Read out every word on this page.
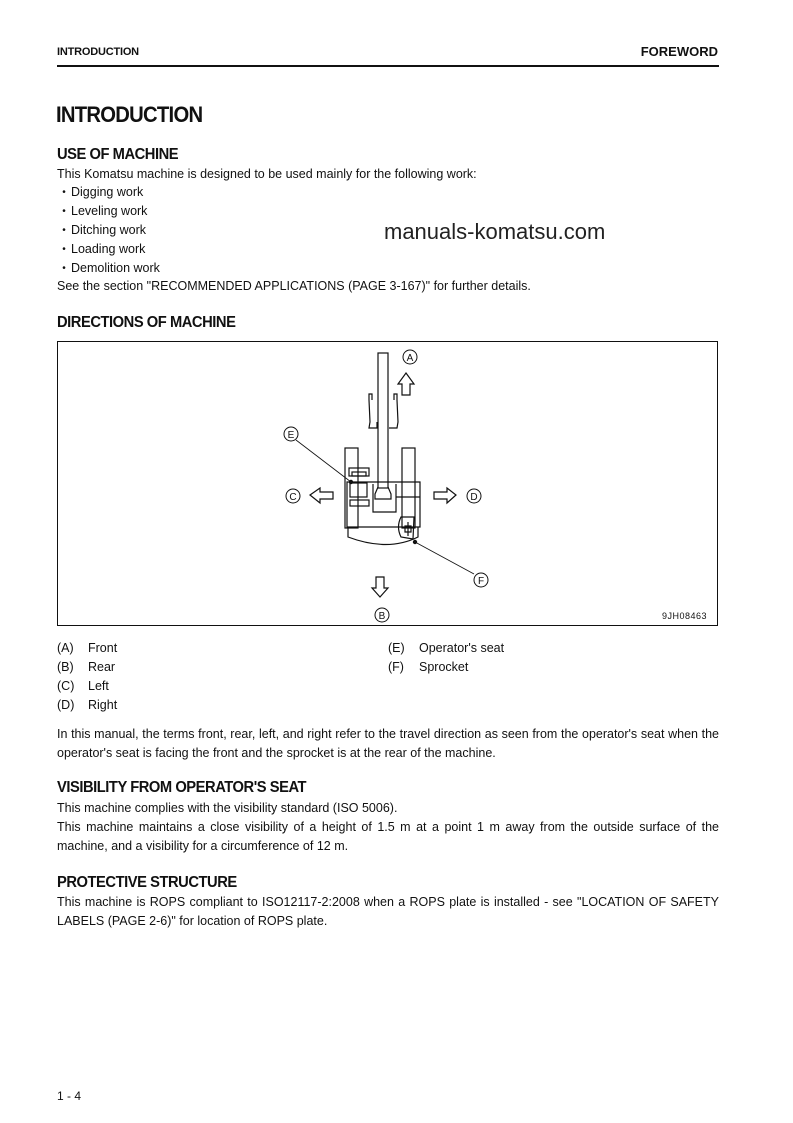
INTRODUCTION	FOREWORD
INTRODUCTION
USE OF MACHINE
This Komatsu machine is designed to be used mainly for the following work:
• Digging work
• Leveling work
• Ditching work
• Loading work
• Demolition work
manuals-komatsu.com
See the section "RECOMMENDED APPLICATIONS (PAGE 3-167)" for further details.
DIRECTIONS OF MACHINE
A
B
C	D
E
F
9JH08463
(A) Front
(B) Rear
(C) Left
(D) Right
(E) Operator's seat
(F) Sprocket
In this manual, the terms front, rear, left, and right refer to the travel direction as seen from the operator's seat when the operator's seat is facing the front and the sprocket is at the rear of the machine.
VISIBILITY FROM OPERATOR'S SEAT
This machine complies with the visibility standard (ISO 5006).
This machine maintains a close visibility of a height of 1.5 m at a point 1 m away from the outside surface of the machine, and a visibility for a circumference of 12 m.
PROTECTIVE STRUCTURE
This machine is ROPS compliant to ISO12117-2:2008 when a ROPS plate is installed - see "LOCATION OF SAFETY LABELS (PAGE 2-6)" for location of ROPS plate.
1 - 4
